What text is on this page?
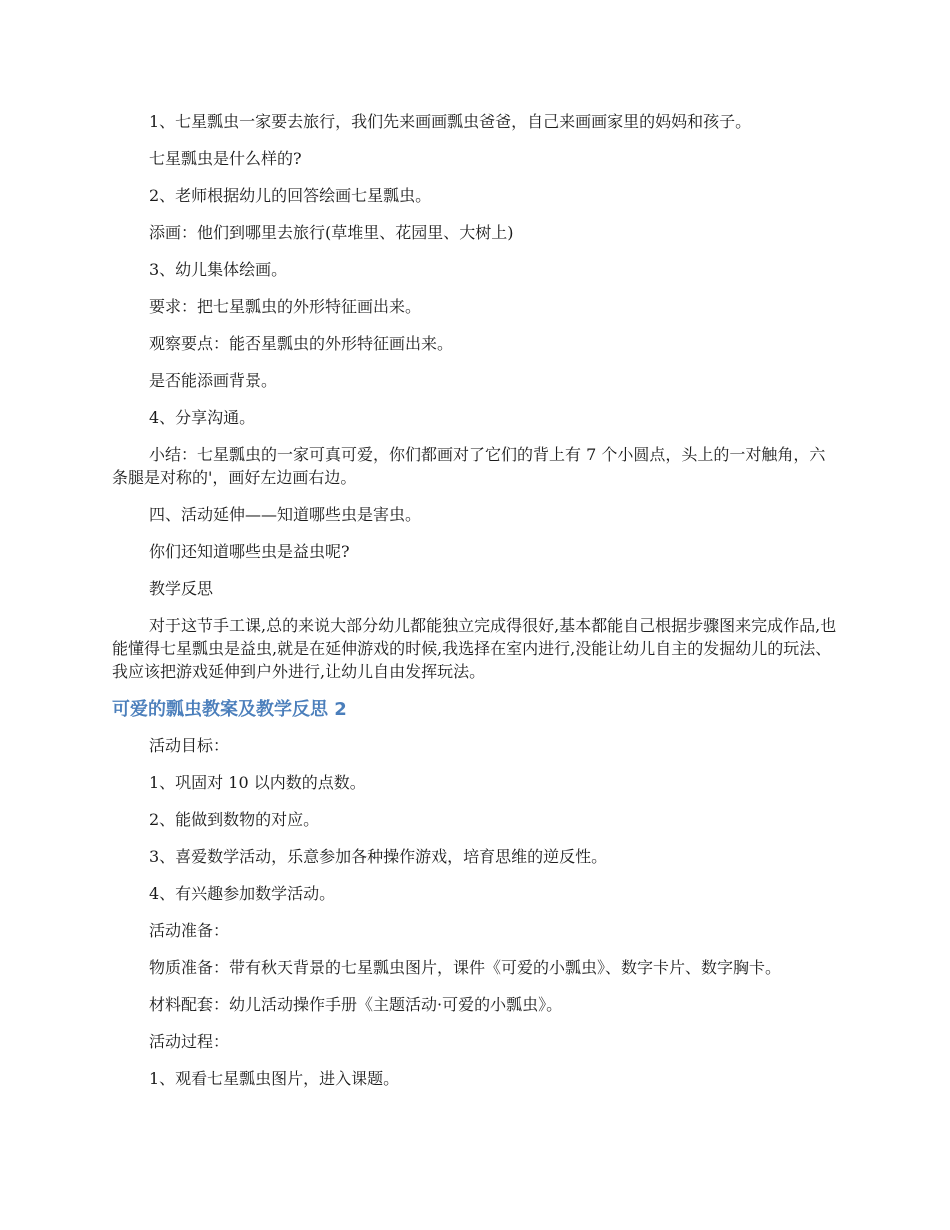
1、七星瓢虫一家要去旅行，我们先来画画瓢虫爸爸，自己来画画家里的妈妈和孩子。

七星瓢虫是什么样的?

2、老师根据幼儿的回答绘画七星瓢虫。

添画：他们到哪里去旅行(草堆里、花园里、大树上)

3、幼儿集体绘画。

要求：把七星瓢虫的外形特征画出来。

观察要点：能否星瓢虫的外形特征画出来。

是否能添画背景。

4、分享沟通。

小结：七星瓢虫的一家可真可爱，你们都画对了它们的背上有 7 个小圆点，头上的一对触角，六条腿是对称的'，画好左边画右边。

四、活动延伸——知道哪些虫是害虫。

你们还知道哪些虫是益虫呢?

教学反思

对于这节手工课,总的来说大部分幼儿都能独立完成得很好,基本都能自己根据步骤图来完成作品,也能懂得七星瓢虫是益虫,就是在延伸游戏的时候,我选择在室内进行,没能让幼儿自主的发掘幼儿的玩法、我应该把游戏延伸到户外进行,让幼儿自由发挥玩法。

可爱的瓢虫教案及教学反思 2

活动目标：

1、巩固对 10 以内数的点数。

2、能做到数物的对应。

3、喜爱数学活动，乐意参加各种操作游戏，培育思维的逆反性。

4、有兴趣参加数学活动。

活动准备：

物质准备：带有秋天背景的七星瓢虫图片，课件《可爱的小瓢虫》、数字卡片、数字胸卡。

材料配套：幼儿活动操作手册《主题活动·可爱的小瓢虫》。

活动过程：

1、观看七星瓢虫图片，进入课题。
